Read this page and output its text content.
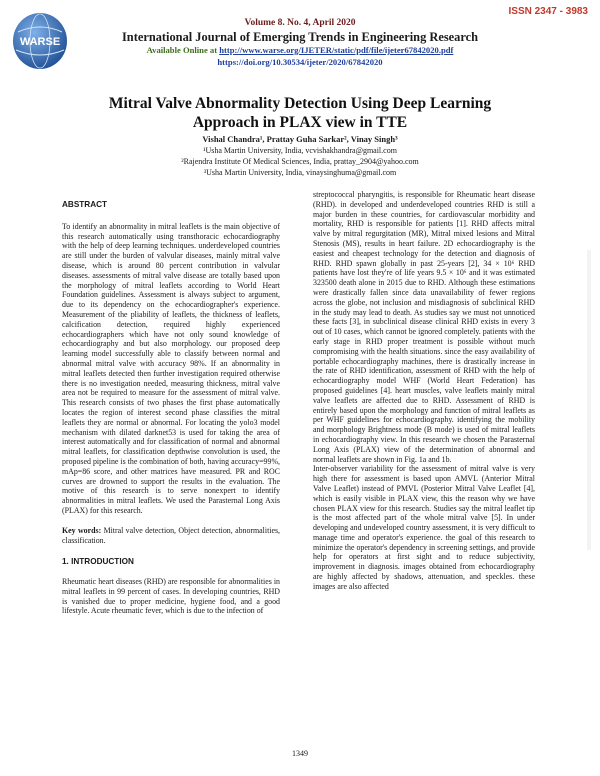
ISSN 2347 - 3983
WARSE
Volume 8. No. 4, April 2020
International Journal of Emerging Trends in Engineering Research
Available Online at http://www.warse.org/IJETER/static/pdf/file/ijeter67842020.pdf
https://doi.org/10.30534/ijeter/2020/67842020
Mitral Valve Abnormality Detection Using Deep Learning
Approach in PLAX view in TTE
Vishal Chandra¹, Prattay Guha Sarkar², Vinay Singh³
¹Usha Martin University, India, vcvishakhandra@gmail.com
²Rajendra Institute Of Medical Sciences, India, prattay_2904@yahoo.com
³Usha Martin University, India, vinaysinghuma@gmail.com

ABSTRACT

To identify an abnormality in mitral leaflets is the main objective of this research automatically using transthoracic echocardiography with the help of deep learning techniques. underdeveloped countries are still under the burden of valvular diseases, mainly mitral valve disease, which is around 80 percent contribution in valvular diseases. assessments of mitral valve disease are totally based upon the morphology of mitral leaflets according to World Heart Foundation guidelines. Assessment is always subject to argument, due to its dependency on the echocardiographer's experience. Measurement of the pliability of leaflets, the thickness of leaflets, calcification detection, required highly experienced echocardiographers which have not only sound knowledge of echocardiography and but also morphology. our proposed deep learning model successfully able to classify between normal and abnormal mitral valve with accuracy 98%. If an abnormality in mitral leaflets detected then further investigation required otherwise there is no investigation needed, measuring thickness, mitral valve area not be required to measure for the assessment of mitral valve. This research consists of two phases the first phase automatically locates the region of interest second phase classifies the mitral leaflets they are normal or abnormal. For locating the yolo3 model mechanism with dilated darknet53 is used for taking the area of interest automatically and for classification of normal and abnormal mitral leaflets, for classification depthwise convolution is used, the proposed pipeline is the combination of both, having accuracy=99%, mAp=86 score, and other matrices have measured. PR and ROC curves are drowned to support the results in the evaluation. The motive of this research is to serve nonexpert to identify abnormalities in mitral leaflets. We used the Parasternal Long Axis (PLAX) for this research.

Key words: Mitral valve detection, Object detection, abnormalities, classification.

1. INTRODUCTION

Rheumatic heart diseases (RHD) are responsible for abnormalities in mitral leaflets in 99 percent of cases. In developing countries, RHD is vanished due to proper medicine, hygiene food, and a good lifestyle. Acute rheumatic fever, which is due to the infection of

streptococcal pharyngitis, is responsible for Rheumatic heart disease (RHD). in developed and underdeveloped countries RHD is still a major burden in these countries, for cardiovascular morbidity and mortality, RHD is responsible for patients [1]. RHD affects mitral valve by mitral regurgitation (MR), Mitral mixed lesions and Mitral Stenosis (MS), results in heart failure. 2D echocardiography is the easiest and cheapest technology for the detection and diagnosis of RHD. RHD spawn globally in past 25-years [2], 34 × 10⁶ RHD patients have lost they're of life years 9.5 × 10⁶ and it was estimated 323500 death alone in 2015 due to RHD. Although these estimations were drastically fallen since data unavailability of fewer regions across the globe, not inclusion and misdiagnosis of subclinical RHD in the study may lead to death. As studies say we must not unnoticed these facts [3], in subclinical disease clinical RHD exists in every 3 out of 10 cases, which cannot be ignored completely. patients with the early stage in RHD proper treatment is possible without much compromising with the health situations. since the easy availability of portable echocardiography machines, there is drastically increase in the rate of RHD identification, assessment of RHD with the help of echocardiography model WHF (World Heart Federation) has proposed guidelines [4]. heart muscles, valve leaflets mainly mitral valve leaflets are affected due to RHD. Assessment of RHD is entirely based upon the morphology and function of mitral leaflets as per WHF guidelines for echocardiography. identifying the mobility and morphology Brightness mode (B mode) is used of mitral leaflets in echocardiography view. In this research we chosen the Parasternal Long Axis (PLAX) view of the determination of abnormal and normal leaflets are shown in Fig. 1a and 1b.

Inter-observer variability for the assessment of mitral valve is very high there for assessment is based upon AMVL (Anterior Mitral Valve Leaflet) instead of PMVL (Posterior Mitral Valve Leaflet [4], which is easily visible in PLAX view, this the reason why we have chosen PLAX view for this research. Studies say the mitral leaflet tip is the most affected part of the whole mitral valve [5]. In under developing and undeveloped country assessment, it is very difficult to manage time and operator's experience. the goal of this research to minimize the operator's dependency in screening settings, and provide help for operators at first sight and to reduce subjectivity, improvement in diagnosis. images obtained from echocardiography are highly affected by shadows, attenuation, and speckles. these images are also affected

1349
